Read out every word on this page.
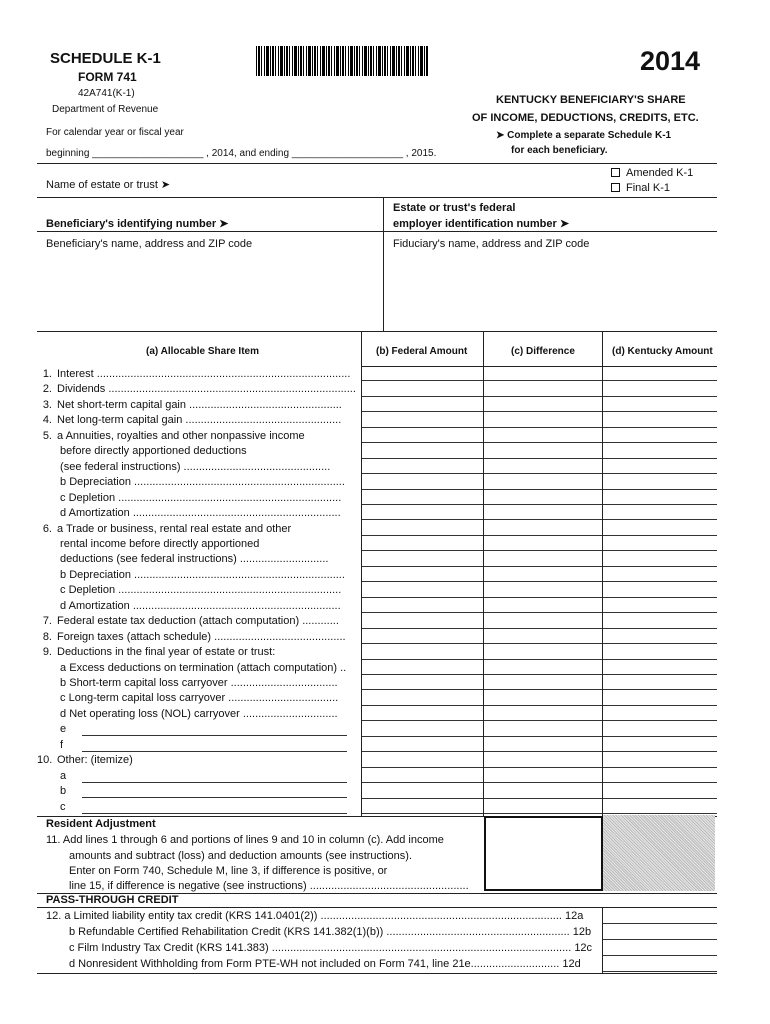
SCHEDULE K-1
FORM 741
42A741(K-1)
Department of Revenue
2014
KENTUCKY BENEFICIARY'S SHARE
OF INCOME, DEDUCTIONS, CREDITS, ETC.
➤ Complete a separate Schedule K-1
for each beneficiary.
For calendar year or fiscal year
beginning ____________________ , 2014, and ending ____________________ , 2015.
Name of estate or trust ➤
Amended K-1
Final K-1
Estate or trust's federal
employer identification number ➤
Beneficiary's identifying number ➤
Beneficiary's name, address and ZIP code	Fiduciary's name, address and ZIP code
(a) Allocable Share Item	(b) Federal Amount	(c) Difference	(d) Kentucky Amount
1. Interest ...................................................................................
2. Dividends .................................................................................
3. Net short-term capital gain ..................................................
4. Net long-term capital gain ...................................................
5. a Annuities, royalties and other nonpassive income
before directly apportioned deductions
(see federal instructions) ................................................
b Depreciation .....................................................................
c Depletion .........................................................................
d Amortization ....................................................................
6. a Trade or business, rental real estate and other
rental income before directly apportioned
deductions (see federal instructions) .............................
b Depreciation .....................................................................
c Depletion .........................................................................
d Amortization ....................................................................
7. Federal estate tax deduction (attach computation) ............
8. Foreign taxes (attach schedule) ...........................................
9. Deductions in the final year of estate or trust:
a Excess deductions on termination (attach computation) ..
b Short-term capital loss carryover ...................................
c Long-term capital loss carryover ....................................
d Net operating loss (NOL) carryover ...............................
e
f
10. Other: (itemize)
a
b
c
Resident Adjustment
11. Add lines 1 through 6 and portions of lines 9 and 10 in column (c). Add income
amounts and subtract (loss) and deduction amounts (see instructions).
Enter on Form 740, Schedule M, line 3, if difference is positive, or
line 15, if difference is negative (see instructions) ....................................................
PASS-THROUGH CREDIT
12. a Limited liability entity tax credit (KRS 141.0401(2)) ............................................................................... 12a
b Refundable Certified Rehabilitation Credit (KRS 141.382(1)(b)) ............................................................ 12b
c Film Industry Tax Credit (KRS 141.383) .................................................................................................. 12c
d Nonresident Withholding from Form PTE-WH not included on Form 741, line 21e............................. 12d
